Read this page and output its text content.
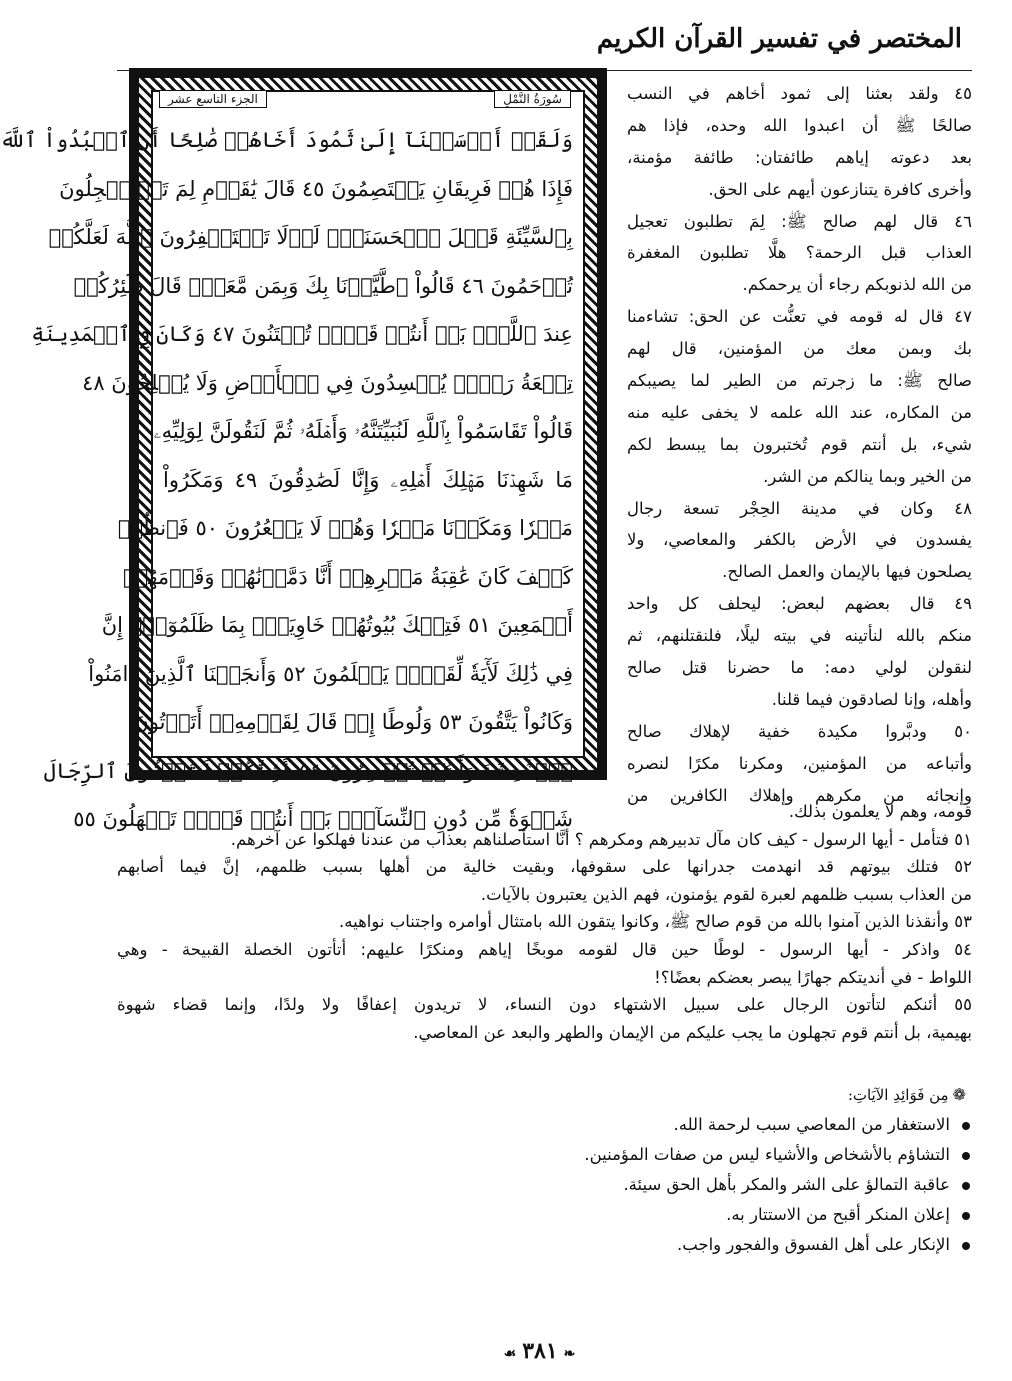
المختصر في تفسير القرآن الكريم
سُورَةُ النَّمْلِ
الجزء التاسع عشر
وَلَقَدۡ أَرۡسَلۡنَآ إِلَىٰ ثَمُودَ أَخَاهُمۡ صَٰلِحًا أَنِ ٱعۡبُدُواْ ٱللَّهَ
فَإِذَا هُمۡ فَرِيقَانِ يَخۡتَصِمُونَ ٤٥ قَالَ يَٰقَوۡمِ لِمَ تَسۡتَعۡجِلُونَ
بِٱلسَّيِّئَةِ قَبۡلَ ٱلۡحَسَنَةِۖ لَوۡلَا تَسۡتَغۡفِرُونَ ٱللَّهَ لَعَلَّكُمۡ
تُرۡحَمُونَ ٤٦ قَالُواْ ٱطَّيَّرۡنَا بِكَ وَبِمَن مَّعَكَۚ قَالَ طَٰٓئِرُكُمۡ
عِندَ ٱللَّهِۖ بَلۡ أَنتُمۡ قَوۡمٞ تُفۡتَنُونَ ٤٧ وَكَانَ فِي ٱلۡمَدِينَةِ
تِسۡعَةُ رَهۡطٖ يُفۡسِدُونَ فِي ٱلۡأَرۡضِ وَلَا يُصۡلِحُونَ ٤٨
قَالُواْ تَقَاسَمُواْ بِٱللَّهِ لَنُبَيِّتَنَّهُۥ وَأَهۡلَهُۥ ثُمَّ لَنَقُولَنَّ لِوَلِيِّهِۦ
مَا شَهِدۡنَا مَهۡلِكَ أَهۡلِهِۦ وَإِنَّا لَصَٰدِقُونَ ٤٩ وَمَكَرُواْ
مَكۡرٗا وَمَكَرۡنَا مَكۡرٗا وَهُمۡ لَا يَشۡعُرُونَ ٥٠ فَٱنظُرۡ
كَيۡفَ كَانَ عَٰقِبَةُ مَكۡرِهِمۡ أَنَّا دَمَّرۡنَٰهُمۡ وَقَوۡمَهُمۡ
أَجۡمَعِينَ ٥١ فَتِلۡكَ بُيُوتُهُمۡ خَاوِيَةَۢ بِمَا ظَلَمُوٓاْۚ إِنَّ
فِي ذَٰلِكَ لَأٓيَةٗ لِّقَوۡمٖ يَعۡلَمُونَ ٥٢ وَأَنجَيۡنَا ٱلَّذِينَ ءَامَنُواْ
وَكَانُواْ يَتَّقُونَ ٥٣ وَلُوطًا إِذۡ قَالَ لِقَوۡمِهِۦٓ أَتَأۡتُونَ
ٱلۡفَٰحِشَةَ وَأَنتُمۡ تُبۡصِرُونَ ٥٤ أَئِنَّكُمۡ لَتَأۡتُونَ ٱلرِّجَالَ
شَهۡوَةٗ مِّن دُونِ ٱلنِّسَآءِۚ بَلۡ أَنتُمۡ قَوۡمٞ تَجۡهَلُونَ ٥٥
٤٥ ولقد بعثنا إلى ثمود أخاهم في النسب
صالحًا ﷺ أن اعبدوا الله وحده، فإذا هم
بعد دعوته إياهم طائفتان: طائفة مؤمنة،
وأخرى كافرة يتنازعون أيهم على الحق.
٤٦ قال لهم صالح ﷺ: لِمَ تطلبون تعجيل
العذاب قبل الرحمة؟ هلَّا تطلبون المغفرة
من الله لذنوبكم رجاء أن يرحمكم.
٤٧ قال له قومه في تعنُّت عن الحق: تشاءمنا
بك وبمن معك من المؤمنين، قال لهم
صالح ﷺ: ما زجرتم من الطير لما يصيبكم
من المكاره، عند الله علمه لا يخفى عليه منه
شيء، بل أنتم قوم تُختبرون بما يبسط لكم
من الخير وبما ينالكم من الشر.
٤٨ وكان في مدينة الحِجْر تسعة رجال
يفسدون في الأرض بالكفر والمعاصي، ولا
يصلحون فيها بالإيمان والعمل الصالح.
٤٩ قال بعضهم لبعض: ليحلف كل واحد
منكم بالله لنأتينه في بيته ليلًا، فلنقتلنهم، ثم
لنقولن لولي دمه: ما حضرنا قتل صالح
وأهله، وإنا لصادقون فيما قلنا.
٥٠ ودبَّروا مكيدة خفية لإهلاك صالح
وأتباعه من المؤمنين، ومكرنا مكرًا لنصره
وإنجائه من مكرهم وإهلاك الكافرين من
قومه، وهم لا يعلمون بذلك.
٥١ فتأمل - أيها الرسول - كيف كان مآل تدبيرهم ومكرهم ؟ أنَّا استأصلناهم بعذاب من عندنا فهلكوا عن آخرهم.
٥٢ فتلك بيوتهم قد انهدمت جدرانها على سقوفها، وبقيت خالية من أهلها بسبب ظلمهم، إنَّ فيما أصابهم
من العذاب بسبب ظلمهم لعبرة لقوم يؤمنون، فهم الذين يعتبرون بالآيات.
٥٣ وأنقذنا الذين آمنوا بالله من قوم صالح ﷺ، وكانوا يتقون الله بامتثال أوامره واجتناب نواهيه.
٥٤ واذكر - أيها الرسول - لوطًا حين قال لقومه موبخًا إياهم ومنكرًا عليهم: أتأتون الخصلة القبيحة - وهي
اللواط - في أنديتكم جهارًا يبصر بعضكم بعضًا؟!
٥٥ أئنكم لتأتون الرجال على سبيل الاشتهاء دون النساء، لا تريدون إعفافًا ولا ولدًا، وإنما قضاء شهوة
بهيمية، بل أنتم قوم تجهلون ما يجب عليكم من الإيمان والطهر والبعد عن المعاصي.
❁مِن فَوَائِدِ الآيَاتِ:
الاستغفار من المعاصي سبب لرحمة الله.
التشاؤم بالأشخاص والأشياء ليس من صفات المؤمنين.
عاقبة التمالؤ على الشر والمكر بأهل الحق سيئة.
إعلان المنكر أقبح من الاستتار به.
الإنكار على أهل الفسوق والفجور واجب.
❧٣٨١☙
